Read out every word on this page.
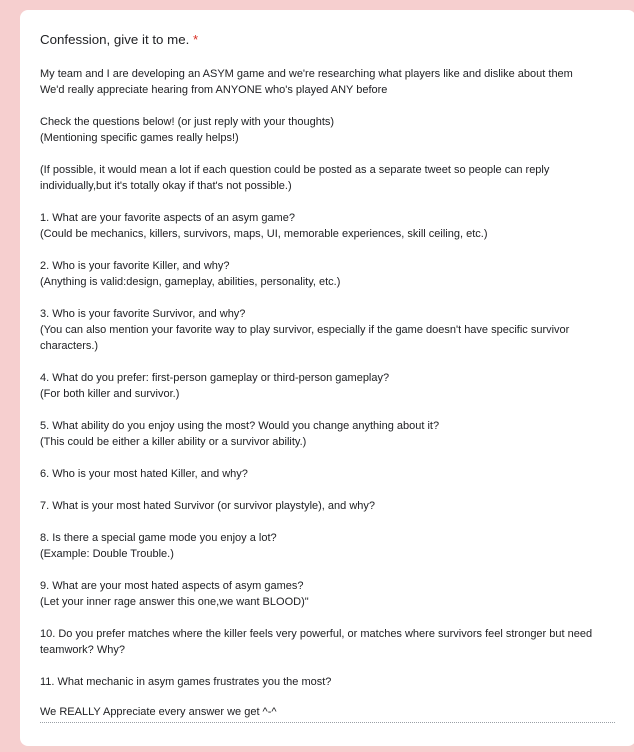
Confession, give it to me. *
My team and I are developing an ASYM game and we're researching what players like and dislike about them
We'd really appreciate hearing from ANYONE who's played ANY before
Check the questions below! (or just reply with your thoughts)
(Mentioning specific games really helps!)
(If possible, it would mean a lot if each question could be posted as a separate tweet so people can reply individually,but it's totally okay if that's not possible.)
1. What are your favorite aspects of an asym game?
(Could be mechanics, killers, survivors, maps, UI, memorable experiences, skill ceiling, etc.)
2. Who is your favorite Killer, and why?
(Anything is valid:design, gameplay, abilities, personality, etc.)
3. Who is your favorite Survivor, and why?
(You can also mention your favorite way to play survivor, especially if the game doesn't have specific survivor characters.)
4. What do you prefer: first-person gameplay or third-person gameplay?
(For both killer and survivor.)
5. What ability do you enjoy using the most? Would you change anything about it?
(This could be either a killer ability or a survivor ability.)
6. Who is your most hated Killer, and why?
7. What is your most hated Survivor (or survivor playstyle), and why?
8. Is there a special game mode you enjoy a lot?
(Example: Double Trouble.)
9. What are your most hated aspects of asym games?
(Let your inner rage answer this one,we want BLOOD)"
10. Do you prefer matches where the killer feels very powerful, or matches where survivors feel stronger but need teamwork? Why?
11. What mechanic in asym games frustrates you the most?
We REALLY Appreciate every answer we get ^-^
